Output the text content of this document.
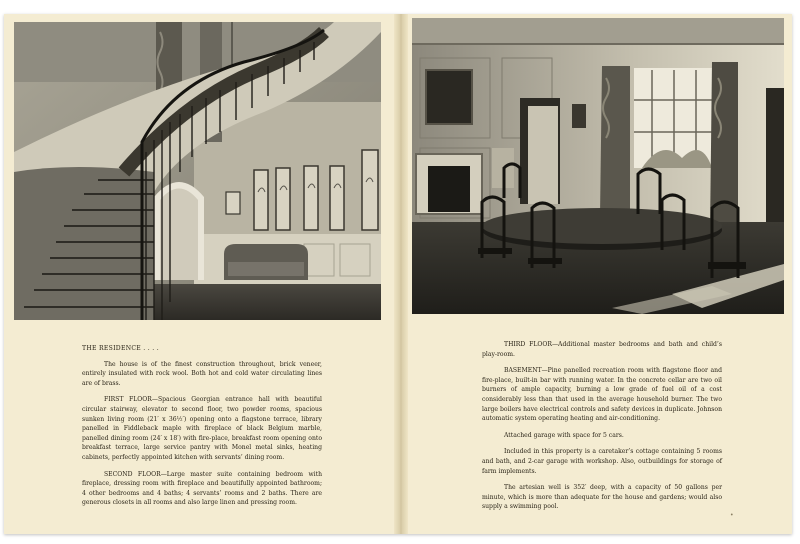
THE RESIDENCE . . . .

The house is of the finest construction throughout, brick veneer, entirely insulated with rock wool. Both hot and cold water circulating lines are of brass.

FIRST FLOOR—Spacious Georgian entrance hall with beautiful circular stairway, elevator to second floor, two powder rooms, spacious sunken living room (21′ x 36½′) opening onto a flagstone terrace, library panelled in Fiddleback maple with fireplace of black Belgium marble, panelled dining room (24′ x 18′) with fire-place, breakfast room opening onto breakfast terrace, large service pantry with Monel metal sinks, heating cabinets, perfectly appointed kitchen with servants’ dining room.

SECOND FLOOR—Large master suite containing bedroom with fireplace, dressing room with fireplace and beautifully appointed bathroom; 4 other bedrooms and 4 baths; 4 servants’ rooms and 2 baths. There are generous closets in all rooms and also large linen and pressing room.

THIRD FLOOR—Additional master bedrooms and bath and child’s play-room.

BASEMENT—Pine panelled recreation room with flagstone floor and fire-place, built-in bar with running water. In the concrete cellar are two oil burners of ample capacity, burning a low grade of fuel oil of a cost considerably less than that used in the average household burner. The two large boilers have electrical controls and safety devices in duplicate. Johnson automatic system operating heating and air-conditioning.

Attached garage with space for 5 cars.

Included in this property is a caretaker’s cottage containing 5 rooms and bath, and 2-car garage with workshop. Also, outbuildings for storage of farm implements.

The artesian well is 352′ deep, with a capacity of 50 gallons per minute, which is more than adequate for the house and gardens; would also supply a swimming pool.

•
